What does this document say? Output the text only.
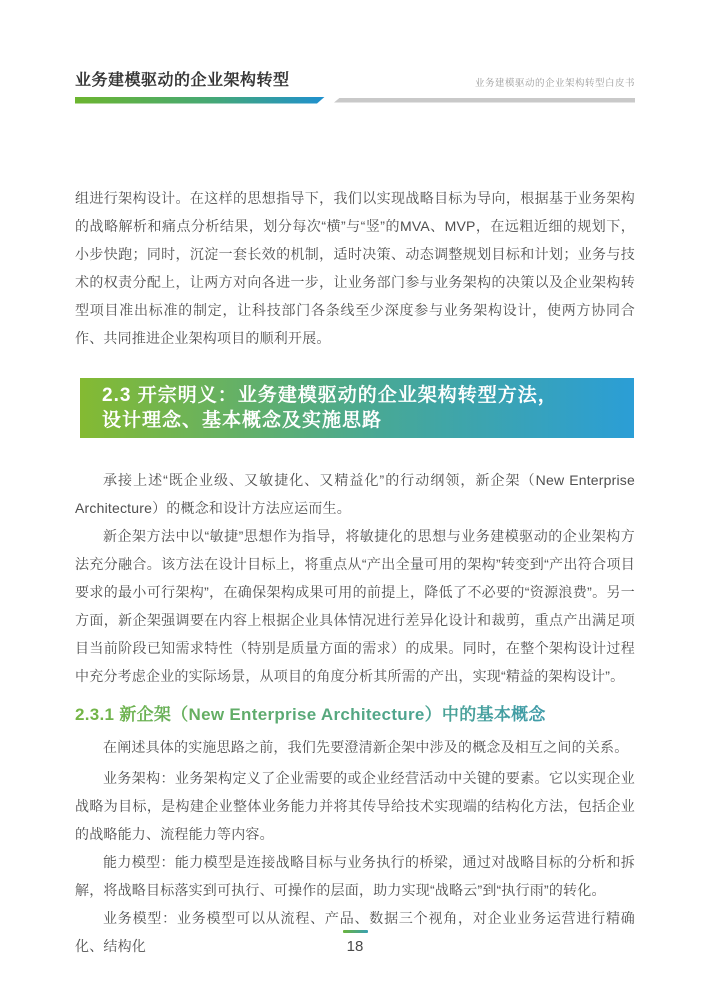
业务建模驱动的企业架构转型	业务建模驱动的企业架构转型白皮书

组进行架构设计。在这样的思想指导下，我们以实现战略目标为导向，根据基于业务架构的战略解析和痛点分析结果，划分每次“横”与“竖”的MVA、MVP，在远粗近细的规划下，小步快跑；同时，沉淀一套长效的机制，适时决策、动态调整规划目标和计划；业务与技术的权责分配上，让两方对向各进一步，让业务部门参与业务架构的决策以及企业架构转型项目准出标准的制定，让科技部门各条线至少深度参与业务架构设计，使两方协同合作、共同推进企业架构项目的顺利开展。

2.3 开宗明义：业务建模驱动的企业架构转型方法，
设计理念、基本概念及实施思路

承接上述“既企业级、又敏捷化、又精益化”的行动纲领，新企架（New Enterprise Architecture）的概念和设计方法应运而生。

新企架方法中以“敏捷”思想作为指导，将敏捷化的思想与业务建模驱动的企业架构方法充分融合。该方法在设计目标上，将重点从“产出全量可用的架构”转变到“产出符合项目要求的最小可行架构”，在确保架构成果可用的前提上，降低了不必要的“资源浪费”。另一方面，新企架强调要在内容上根据企业具体情况进行差异化设计和裁剪，重点产出满足项目当前阶段已知需求特性（特别是质量方面的需求）的成果。同时，在整个架构设计过程中充分考虑企业的实际场景，从项目的角度分析其所需的产出，实现“精益的架构设计”。

2.3.1 新企架（New Enterprise Architecture）中的基本概念

在阐述具体的实施思路之前，我们先要澄清新企架中涉及的概念及相互之间的关系。

业务架构：业务架构定义了企业需要的或企业经营活动中关键的要素。它以实现企业战略为目标，是构建企业整体业务能力并将其传导给技术实现端的结构化方法，包括企业的战略能力、流程能力等内容。

能力模型：能力模型是连接战略目标与业务执行的桥梁，通过对战略目标的分析和拆解，将战略目标落实到可执行、可操作的层面，助力实现“战略云”到“执行雨”的转化。

业务模型：业务模型可以从流程、产品、数据三个视角，对企业业务运营进行精确化、结构化	18
